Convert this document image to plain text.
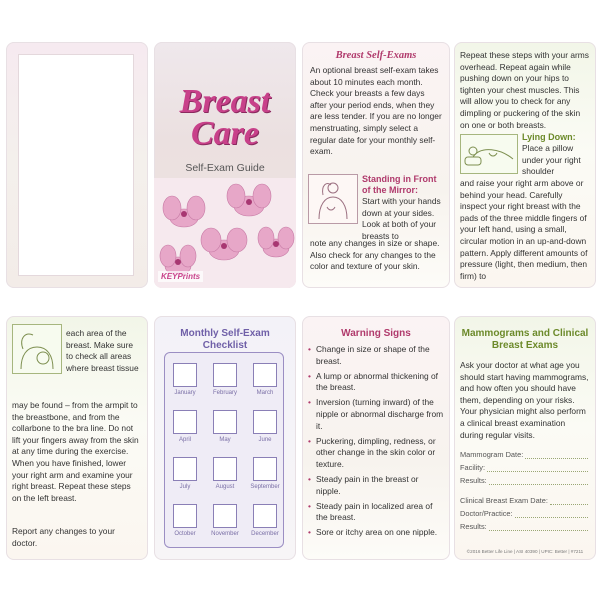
Breast
Care
Self-Exam Guide
KEYPrints
Breast Self-Exams
An optional breast self-exam takes about 10 minutes each month. Check your breasts a few days after your period ends, when they are less tender. If you are no longer menstruating, simply select a regular date for your monthly self-exam.
Standing in Front of the Mirror:
Start with your hands down at your sides. Look at both of your breasts to
note any changes in size or shape. Also check for any changes to the color and texture of your skin.
Repeat these steps with your arms overhead. Repeat again while pushing down on your hips to tighten your chest muscles. This will allow you to check for any dimpling or puckering of the skin on one or both breasts.
Lying Down:
Place a pillow under your right shoulder
and raise your right arm above or behind your head. Carefully inspect your right breast with the pads of the three middle fingers of your left hand, using a small, circular motion in an up-and-down pattern. Apply different amounts of pressure (light, then medium, then firm) to
each area of the breast. Make sure to check all areas where breast tissue
may be found – from the armpit to the breastbone, and from the collarbone to the bra line. Do not lift your fingers away from the skin at any time during the exercise. When you have finished, lower your right arm and examine your right breast. Repeat these steps on the left breast.
Report any changes to your doctor.
Monthly Self-Exam Checklist
January	February	March
April	May	June
July	August	September
October	November December
Warning Signs
• Change in size or shape of the breast.
• A lump or abnormal thickening of the breast.
• Inversion (turning inward) of the nipple or abnormal discharge from it.
• Puckering, dimpling, redness, or other change in the skin color or texture.
• Steady pain in the breast or nipple.
• Steady pain in localized area of the breast.
• Sore or itchy area on one nipple.
Mammograms and Clinical Breast Exams
Ask your doctor at what age you should start having mammograms, and how often you should have them, depending on your risks. Your physician might also perform a clinical breast examination during regular visits.
Mammogram Date:
Facility:
Results:
Clinical Breast Exam Date:
Doctor/Practice:
Results:
©2016 Better Life Line | ASI 40390 | UPIC: Better | #7211
